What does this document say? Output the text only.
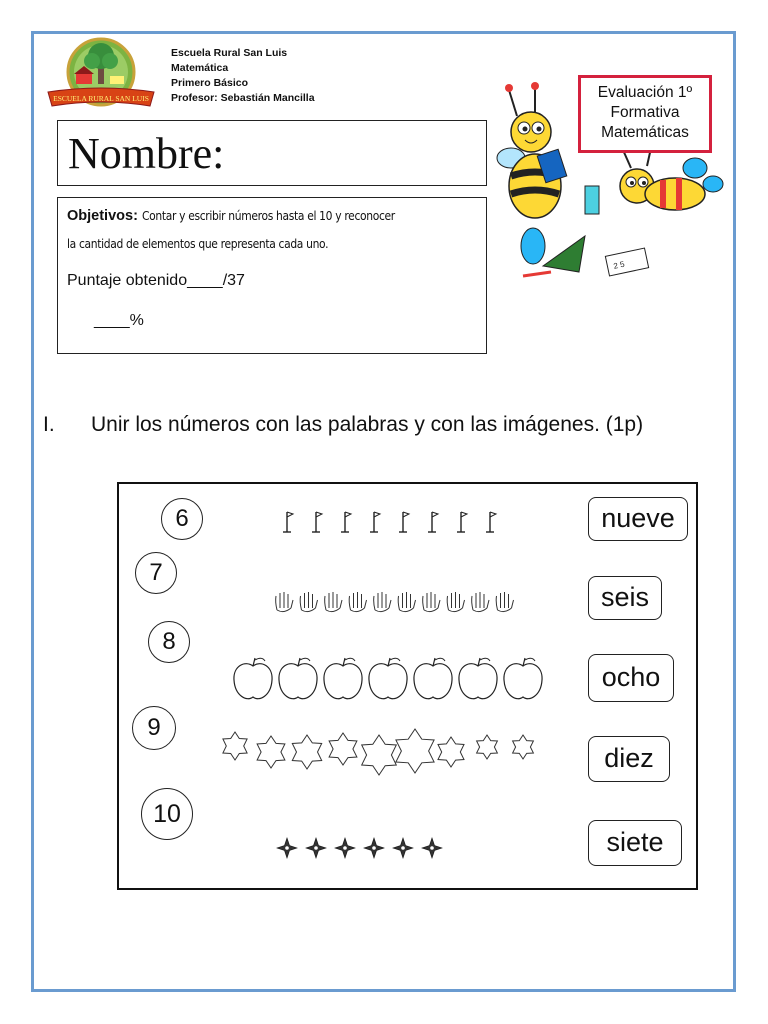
ESCUELA RURAL SAN LUIS
Escuela Rural San Luis
Matemática
Primero Básico
Profesor: Sebastián Mancilla
Nombre:
Objetivos: Contar y escribir números hasta el 10 y reconocer
la cantidad de elementos que representa cada uno.
Puntaje obtenido____/37
____%
2 5
Evaluación 1º
Formativa
Matemáticas
I. Unir los números con las palabras y con las imágenes. (1p)
6
7
8
9
10
nueve
seis
ocho
diez
siete
